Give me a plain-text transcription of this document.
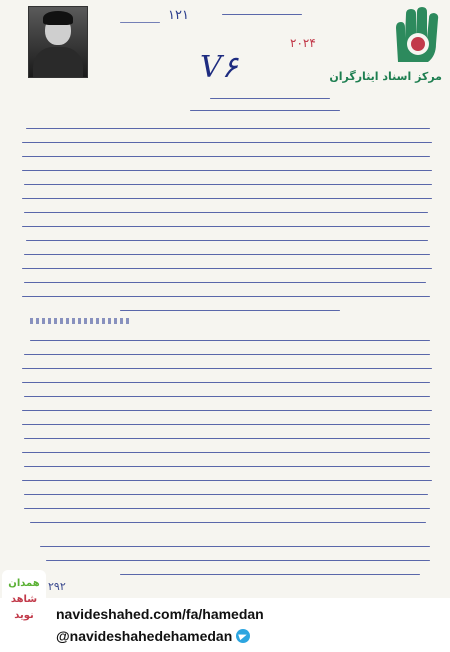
مرکز اسناد ایثارگران
۱۲۱
۲۰۲۴
V۶
۲۹۲
همدان
شاهد
نوید navideshahed.com/fa/hamedan
@navideshahedehamedan
